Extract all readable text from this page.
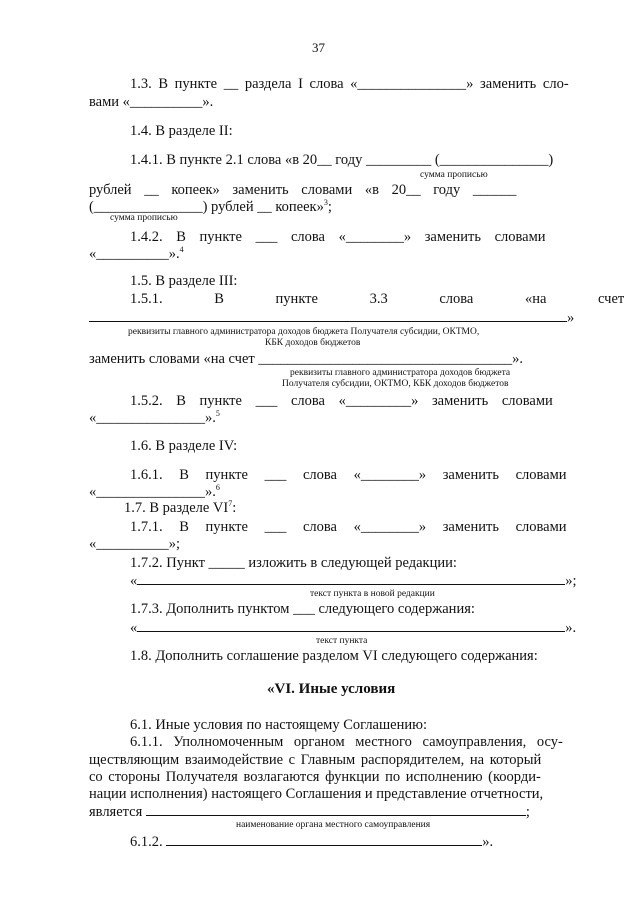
37
1.3. В пункте __ раздела I слова «_______________» заменить сло-
вами «__________».
1.4. В разделе II:
1.4.1. В пункте 2.1 слова «в 20__ году _________ (_______________)
сумма прописью
рублей __ копеек» заменить словами «в 20__ году ______
(_______________) рублей __ копеек»$^3$;
сумма прописью
1.4.2. В пункте ___ слова «________» заменить словами
«__________».$^4$
1.5. В разделе III:
1.5.1. В пункте 3.3 слова «на счет
»
реквизиты главного администратора доходов бюджета Получателя субсидии, ОКТМО,
КБК доходов бюджетов
заменить словами «на счет ___________________________________».
реквизиты главного администратора доходов бюджета
Получателя субсидии, ОКТМО, КБК доходов бюджетов
1.5.2. В пункте ___ слова «_________» заменить словами
«_______________».$^5$
1.6. В разделе IV:
1.6.1. В пункте ___ слова «________» заменить словами
«_______________».$^6$
1.7. В разделе $VI^7$:
1.7.1. В пункте ___ слова «________» заменить словами
«__________»;
1.7.2. Пункт _____ изложить в следующей редакции:
«	»;
текст пункта в новой редакции
1.7.3. Дополнить пунктом ___ следующего содержания:
«	».
текст пункта
1.8. Дополнить соглашение разделом VI следующего содержания:
«VI. Иные условия
6.1. Иные условия по настоящему Соглашению:
6.1.1. Уполномоченным органом местного самоуправления, осу-
ществляющим взаимодействие с Главным распорядителем, на который
со стороны Получателя возлагаются функции по исполнению (коорди-
нации исполнения) настоящего Соглашения и представление отчетности,
является	;
наименование органа местного самоуправления
6.1.2.	».
